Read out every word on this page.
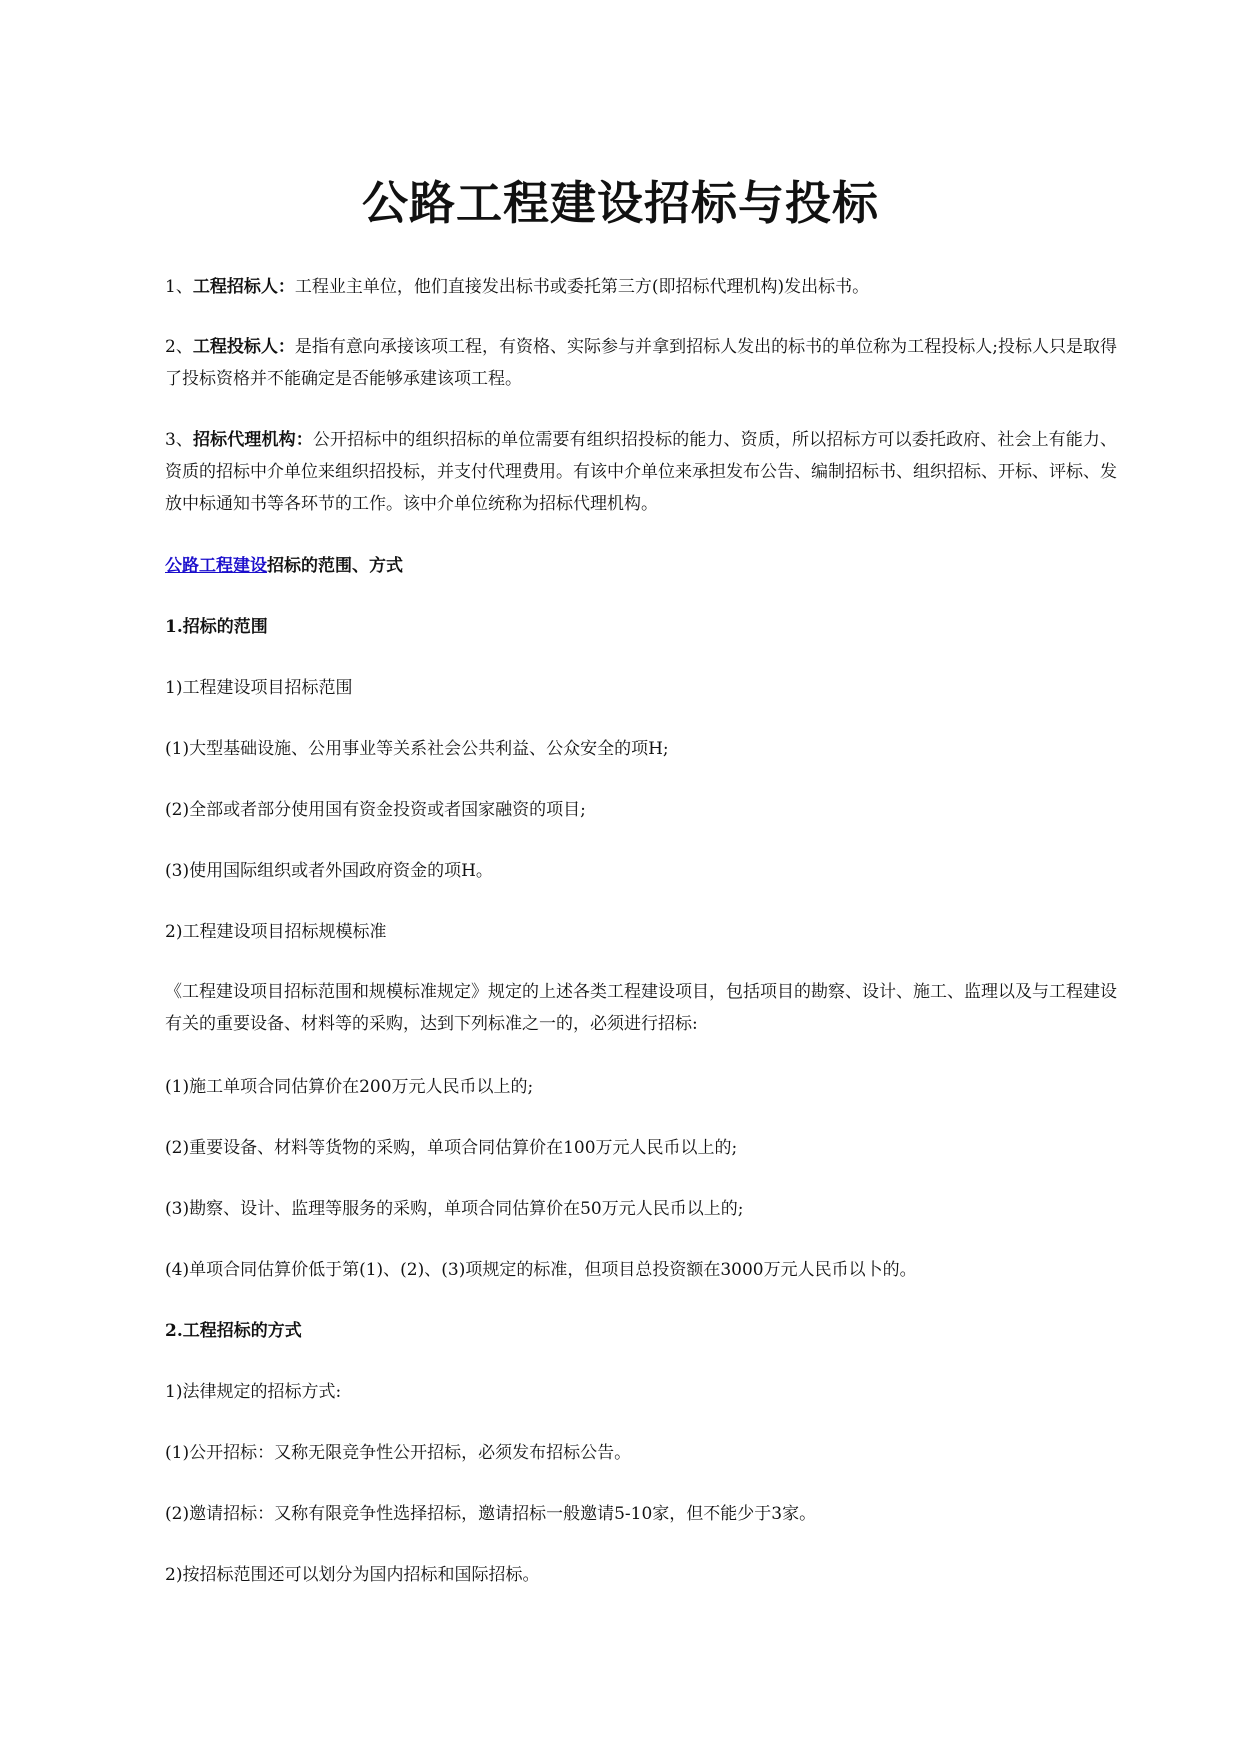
公路工程建设招标与投标

1、工程招标人：工程业主单位，他们直接发出标书或委托第三方(即招标代理机构)发出标书。

2、工程投标人：是指有意向承接该项工程，有资格、实际参与并拿到招标人发出的标书的单位称为工程投标人;投标人只是取得了投标资格并不能确定是否能够承建该项工程。

3、招标代理机构：公开招标中的组织招标的单位需要有组织招投标的能力、资质，所以招标方可以委托政府、社会上有能力、资质的招标中介单位来组织招投标，并支付代理费用。有该中介单位来承担发布公告、编制招标书、组织招标、开标、评标、发放中标通知书等各环节的工作。该中介单位统称为招标代理机构。

公路工程建设招标的范围、方式

1.招标的范围

1)工程建设项目招标范围

(1)大型基础设施、公用事业等关系社会公共利益、公众安全的项H;

(2)全部或者部分使用国有资金投资或者国家融资的项目;

(3)使用国际组织或者外国政府资金的项H。

2)工程建设项目招标规模标准

《工程建设项目招标范围和规模标准规定》规定的上述各类工程建设项目，包括项目的勘察、设计、施工、监理以及与工程建设有关的重要设备、材料等的采购，达到下列标准之一的，必须进行招标:

(1)施工单项合同估算价在200万元人民币以上的;

(2)重要设备、材料等货物的采购，单项合同估算价在100万元人民币以上的;

(3)勘察、设计、监理等服务的采购，单项合同估算价在50万元人民币以上的;

(4)单项合同估算价低于第(1)、(2)、(3)项规定的标准，但项目总投资额在3000万元人民币以卜的。

2.工程招标的方式

1)法律规定的招标方式:

(1)公开招标：又称无限竞争性公开招标，必须发布招标公告。

(2)邀请招标：又称有限竞争性选择招标，邀请招标一般邀请5-10家，但不能少于3家。

2)按招标范围还可以划分为国内招标和国际招标。
